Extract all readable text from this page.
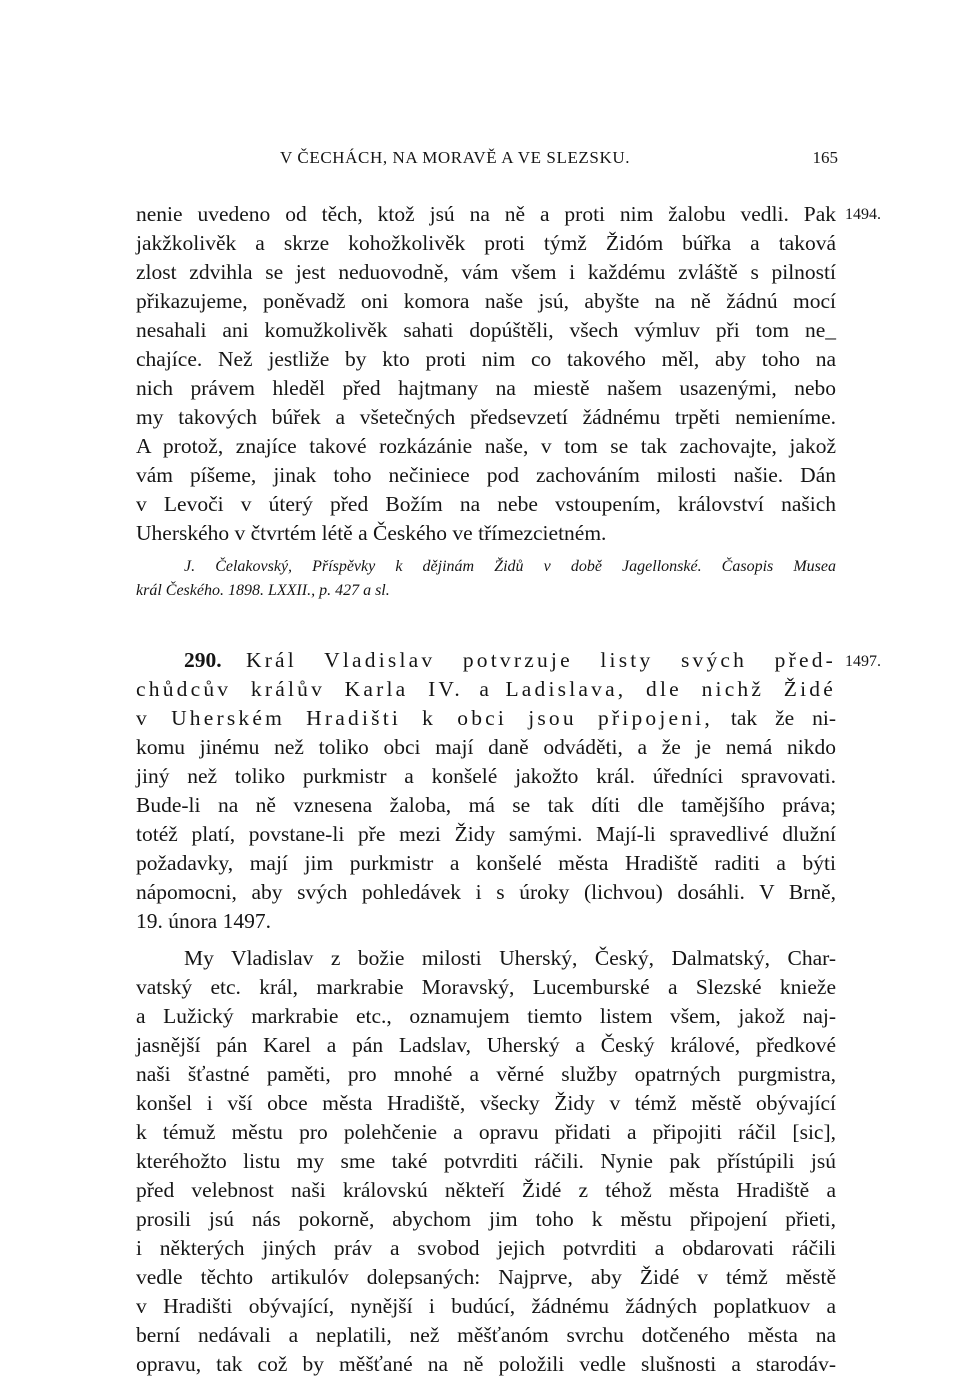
V ČECHÁCH, NA MORAVĚ A VE SLEZSKU.	165
nenie uvedeno od těch, ktož jsú na ně a proti nim žalobu vedli. Pak 1494.
jakžkolivěk a skrze kohožkolivěk proti týmž Židóm búřka a taková
zlost zdvihla se jest neduovodně, vám všem i každému zvláště s pilností
přikazujeme, poněvadž oni komora naše jsú, abyšte na ně žádnú mocí
nesahali ani komužkolivěk sahati dopúštěli, všech výmluv při tom ne_
chajíce. Než jestliže by kto proti nim co takového měl, aby toho na
nich právem hleděl před hajtmany na miestě našem usazenými, nebo
my takových búřek a všetečných předsevzetí žádnému trpěti nemieníme.
A protož, znajíce takové rozkázánie naše, v tom se tak zachovajte, jakož
vám píšeme, jinak toho nečiniece pod zachováním milosti našie. Dán
v Levoči v úterý před Božím na nebe vstoupením, království našich
Uherského v čtvrtém létě a Českého ve třímezcietném.
J. Čelakovský, Příspěvky k dějinám Židů v době Jagellonské. Časopis Musea
král Českého. 1898. LXXII., p. 427 a sl.
290. Král Vladislav potvrzuje listy svých před- 1497.
chůdcův králův Karla IV. a Ladislava, dle nichž Židé
v Uherském Hradišti k obci jsou připojeni, tak že ni-
komu jinému než toliko obci mají daně odváděti, a že je nemá nikdo
jiný než toliko purkmistr a konšelé jakožto král. úředníci spravovati.
Bude-li na ně vznesena žaloba, má se tak díti dle tamějšího práva;
totéž platí, povstane-li pře mezi Židy samými. Mají-li spravedlivé dlužní
požadavky, mají jim purkmistr a konšelé města Hradiště raditi a býti
nápomocni, aby svých pohledávek i s úroky (lichvou) dosáhli. V Brně,
19. února 1497.
My Vladislav z božie milosti Uherský, Český, Dalmatský, Char-
vatský etc. král, markrabie Moravský, Lucemburské a Slezské knieže
a Lužický markrabie etc., oznamujem tiemto listem všem, jakož naj-
jasnější pán Karel a pán Ladslav, Uherský a Český králové, předkové
naši šťastné paměti, pro mnohé a věrné služby opatrných purgmistra,
konšel i vší obce města Hradiště, všecky Židy v témž městě obývající
k témuž městu pro polehčenie a opravu přidati a připojiti ráčil [sic],
kteréhožto listu my sme také potvrditi ráčili. Nynie pak přístúpili jsú
před velebnost naši královskú někteří Židé z téhož města Hradiště a
prosili jsú nás pokorně, abychom jim toho k městu připojení přieti,
i některých jiných práv a svobod jejich potvrditi a obdarovati ráčili
vedle těchto artikulóv dolepsaných: Najprve, aby Židé v témž městě
v Hradišti obývající, nynější i budúcí, žádnému žádných poplatkuov a
berní nedávali a neplatili, než měšťanóm svrchu dotčeného města na
opravu, tak což by měšťané na ně položili vedle slušnosti a starodáv-
